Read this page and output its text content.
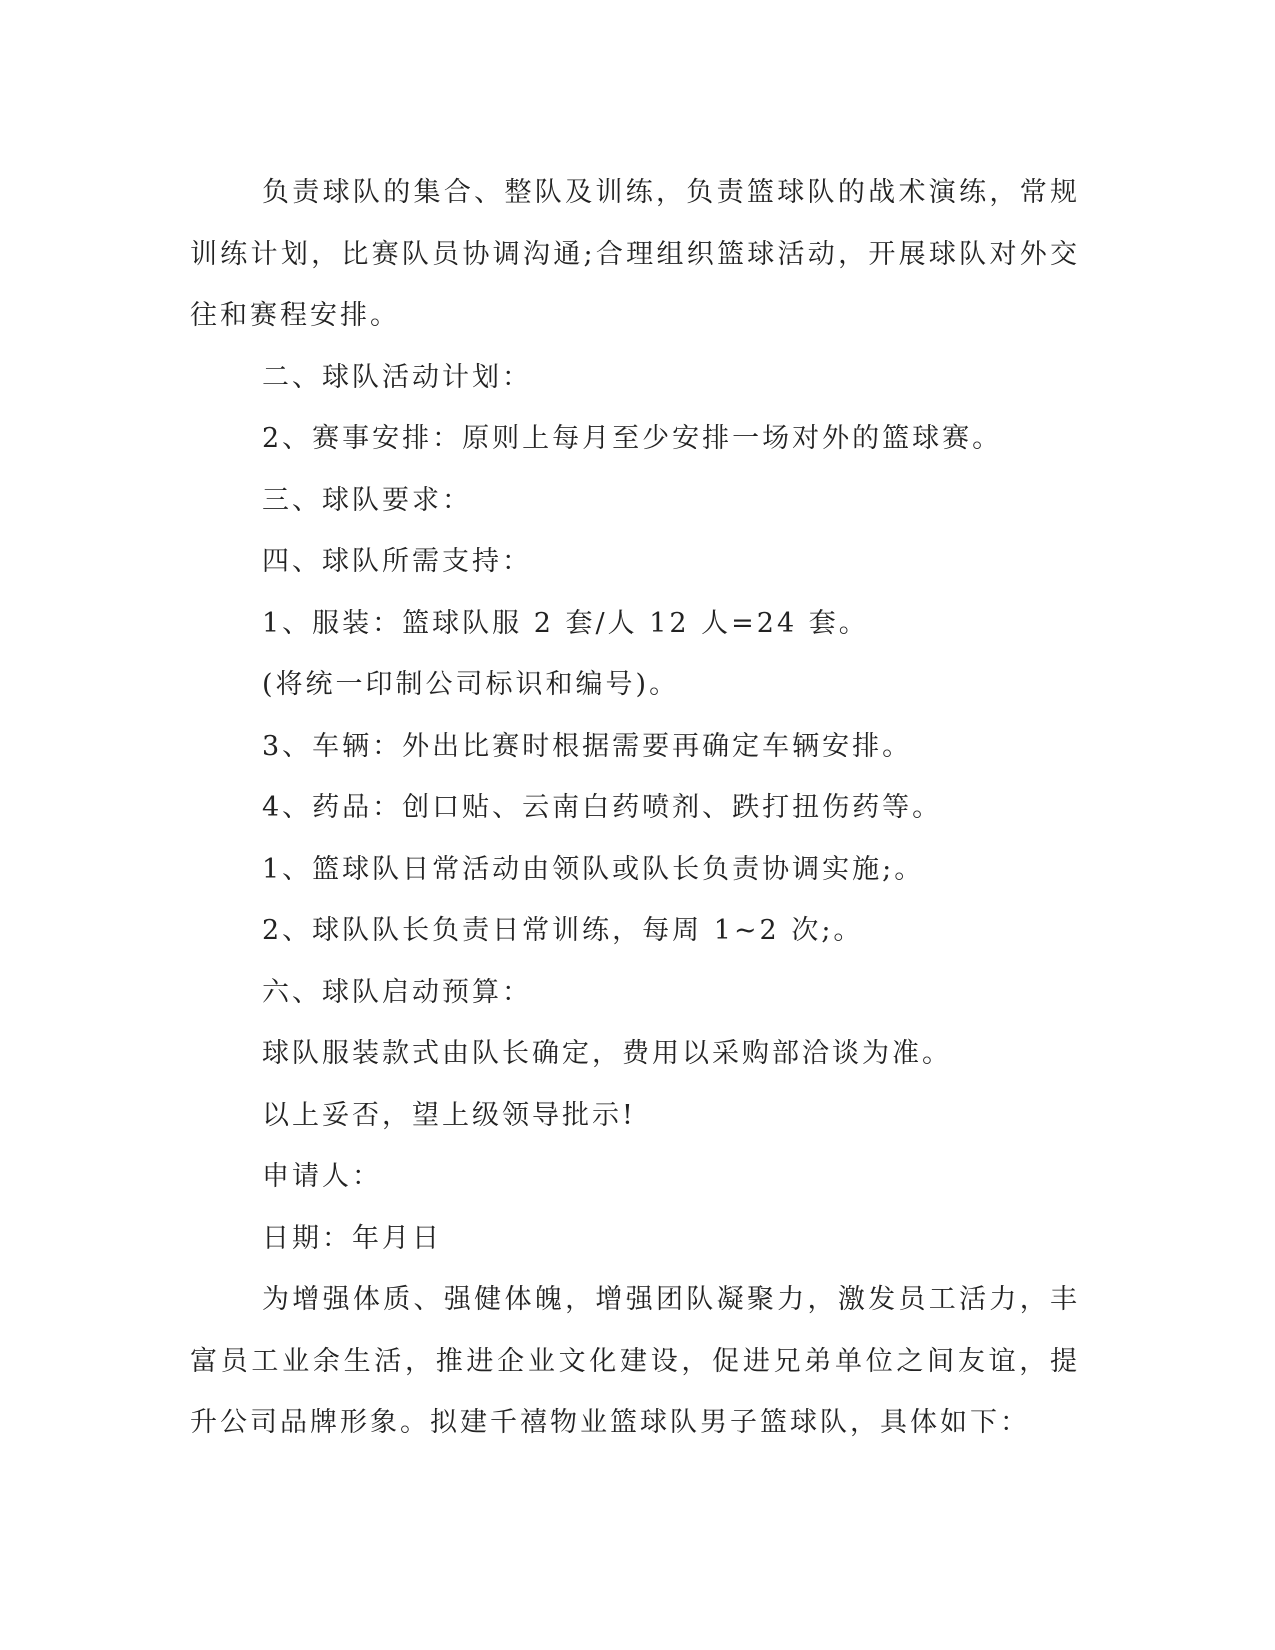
负责球队的集合、整队及训练，负责篮球队的战术演练，常规训练计划，比赛队员协调沟通;合理组织篮球活动，开展球队对外交往和赛程安排。

二、球队活动计划：

2、赛事安排：原则上每月至少安排一场对外的篮球赛。

三、球队要求：

四、球队所需支持：

1、服装：篮球队服 2 套/人 12 人=24 套。

(将统一印制公司标识和编号)。

3、车辆：外出比赛时根据需要再确定车辆安排。

4、药品：创口贴、云南白药喷剂、跌打扭伤药等。

1、篮球队日常活动由领队或队长负责协调实施;。

2、球队队长负责日常训练，每周 1~2 次;。

六、球队启动预算：

球队服装款式由队长确定，费用以采购部洽谈为准。

以上妥否，望上级领导批示!

申请人：

日期：年月日

为增强体质、强健体魄，增强团队凝聚力，激发员工活力，丰富员工业余生活，推进企业文化建设，促进兄弟单位之间友谊，提升公司品牌形象。拟建千禧物业篮球队男子篮球队，具体如下：
